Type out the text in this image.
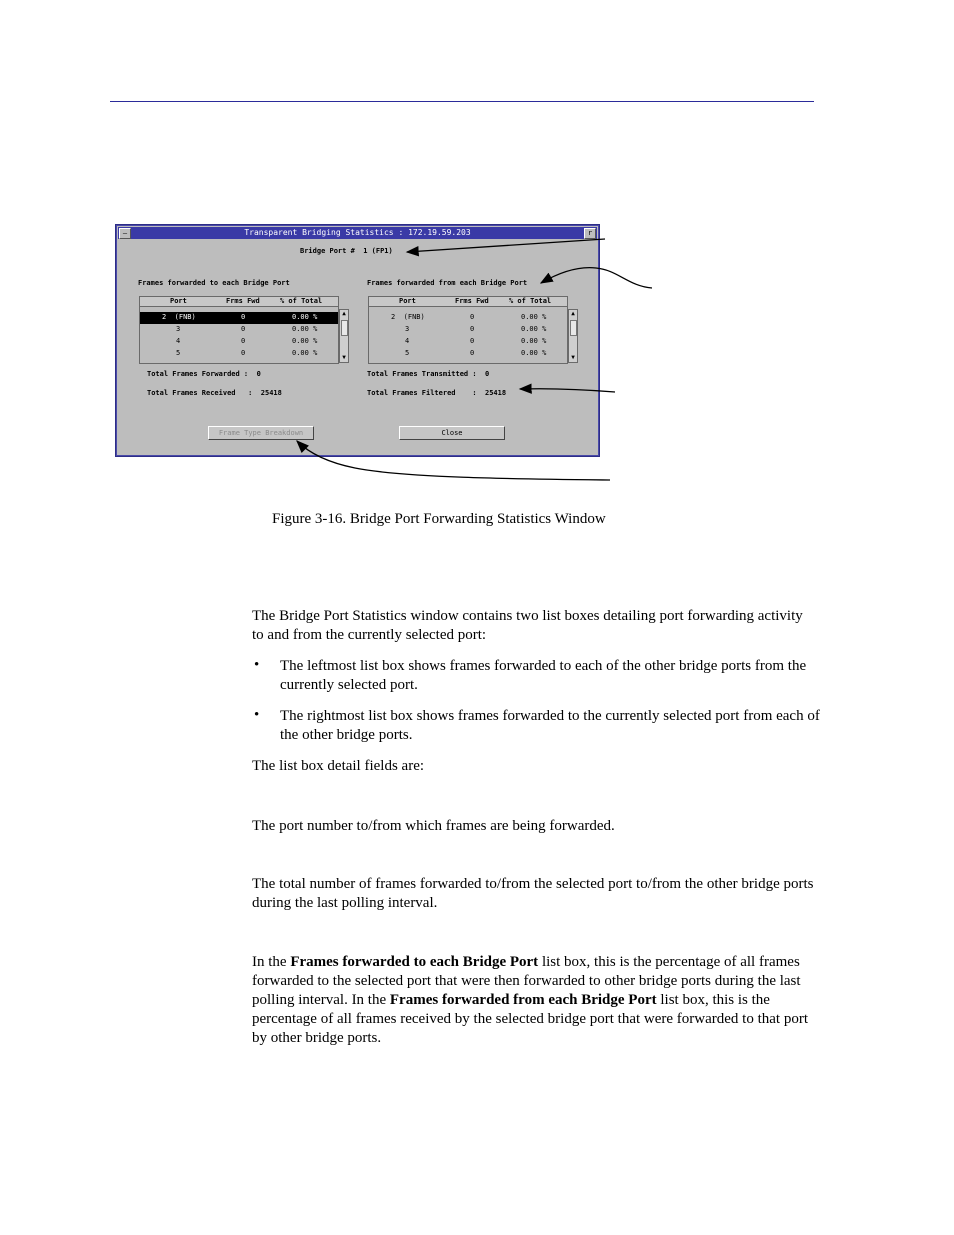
–	Transparent Bridging Statistics : 172.19.59.203	r
Bridge Port #  1 (FP1)
Frames forwarded to each Bridge Port	Frames forwarded from each Bridge Port
Port	Frms Fwd	% of Total
2  (FNB)	0	0.00 %
3	0	0.00 %
4	0	0.00 %
5	0	0.00 %
▲
▼
Port	Frms Fwd	% of Total
2  (FNB)	0	0.00 %
3	0	0.00 %
4	0	0.00 %
5	0	0.00 %
▲
▼
Total Frames Forwarded :  0
Total Frames Received   :  25418
Total Frames Transmitted :  0
Total Frames Filtered    :  25418
Frame Type Breakdown	Close
Figure 3-16. Bridge Port Forwarding Statistics Window
The Bridge Port Statistics window contains two list boxes detailing port forwarding activity to and from the currently selected port:
• The leftmost list box shows frames forwarded to each of the other bridge ports from the currently selected port.
• The rightmost list box shows frames forwarded to the currently selected port from each of the other bridge ports.
The list box detail fields are:
The port number to/from which frames are being forwarded.
The total number of frames forwarded to/from the selected port to/from the other bridge ports during the last polling interval.
In the Frames forwarded to each Bridge Port list box, this is the percentage of all frames forwarded to the selected port that were then forwarded to other bridge ports during the last polling interval. In the Frames forwarded from each Bridge Port list box, this is the percentage of all frames received by the selected bridge port that were forwarded to that port by other bridge ports.
